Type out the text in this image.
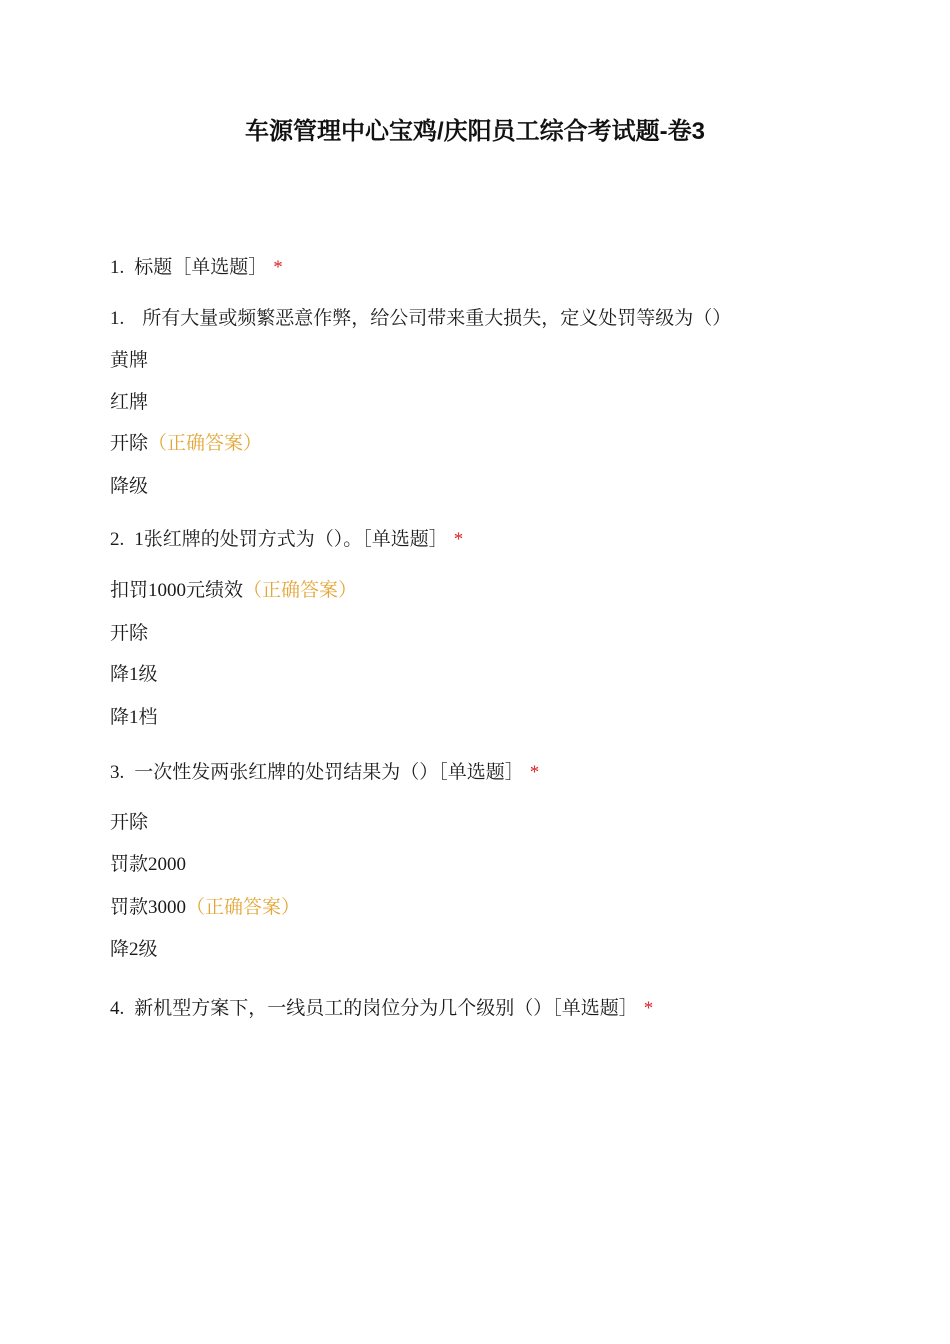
车源管理中心宝鸡/庆阳员工综合考试题-卷3
1. 标题［单选题］ *
1. 所有大量或频繁恶意作弊，给公司带来重大损失，定义处罚等级为（）
黄牌
红牌
开除（正确答案）
降级
2. 1张红牌的处罚方式为（）。［单选题］ *
扣罚1000元绩效（正确答案）
开除
降1级
降1档
3. 一次性发两张红牌的处罚结果为（）［单选题］ *
开除
罚款2000
罚款3000（正确答案）
降2级
4. 新机型方案下，一线员工的岗位分为几个级别（）［单选题］ *
